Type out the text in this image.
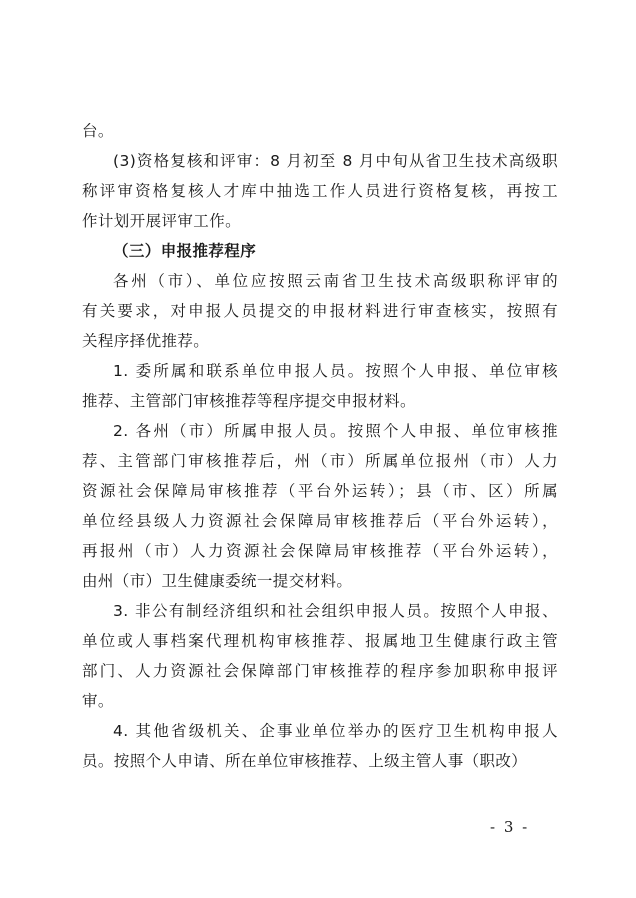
台。
(3)资格复核和评审：8 月初至 8 月中旬从省卫生技术高级职
称评审资格复核人才库中抽选工作人员进行资格复核，再按工
作计划开展评审工作。
（三）申报推荐程序
各州（市）、单位应按照云南省卫生技术高级职称评审的
有关要求，对申报人员提交的申报材料进行审查核实，按照有
关程序择优推荐。
1. 委所属和联系单位申报人员。按照个人申报、单位审核
推荐、主管部门审核推荐等程序提交申报材料。
2. 各州（市）所属申报人员。按照个人申报、单位审核推
荐、主管部门审核推荐后，州（市）所属单位报州（市）人力
资源社会保障局审核推荐（平台外运转）；县（市、区）所属
单位经县级人力资源社会保障局审核推荐后（平台外运转），
再报州（市）人力资源社会保障局审核推荐（平台外运转），
由州（市）卫生健康委统一提交材料。
3. 非公有制经济组织和社会组织申报人员。按照个人申报、
单位或人事档案代理机构审核推荐、报属地卫生健康行政主管
部门、人力资源社会保障部门审核推荐的程序参加职称申报评
审。
4. 其他省级机关、企事业单位举办的医疗卫生机构申报人
员。按照个人申请、所在单位审核推荐、上级主管人事（职改）
- 3 -
